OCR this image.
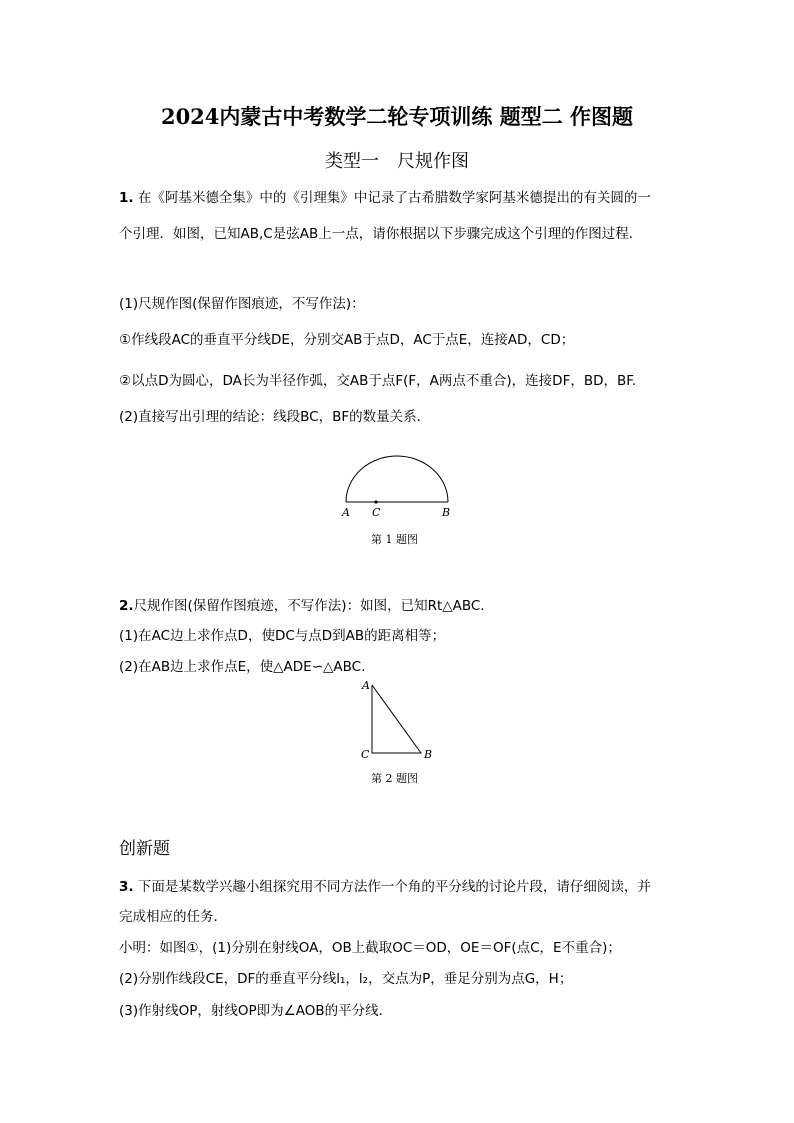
2024内蒙古中考数学二轮专项训练 题型二 作图题
类型一　尺规作图
1. 在《阿基米德全集》中的《引理集》中记录了古希腊数学家阿基米德提出的有关圆的一
个引理．如图，已知AB,C是弦AB上一点，请你根据以下步骤完成这个引理的作图过程．
(1)尺规作图(保留作图痕迹，不写作法)：
①作线段AC的垂直平分线DE，分别交AB于点D，AC于点E，连接AD，CD；
②以点D为圆心，DA长为半径作弧，交AB于点F(F，A两点不重合)，连接DF，BD，BF.
(2)直接写出引理的结论：线段BC，BF的数量关系．
A C	B
第 1 题图
2.尺规作图(保留作图痕迹，不写作法)：如图，已知Rt△ABC.
(1)在AC边上求作点D，使DC与点D到AB的距离相等；
(2)在AB边上求作点E，使△ADE∽△ABC.
A
C	B
第 2 题图
创新题
3. 下面是某数学兴趣小组探究用不同方法作一个角的平分线的讨论片段，请仔细阅读，并
完成相应的任务．
小明：如图①，(1)分别在射线OA，OB上截取OC＝OD，OE＝OF(点C，E不重合)；
(2)分别作线段CE，DF的垂直平分线l₁，l₂，交点为P，垂足分别为点G，H；
(3)作射线OP，射线OP即为∠AOB的平分线．
